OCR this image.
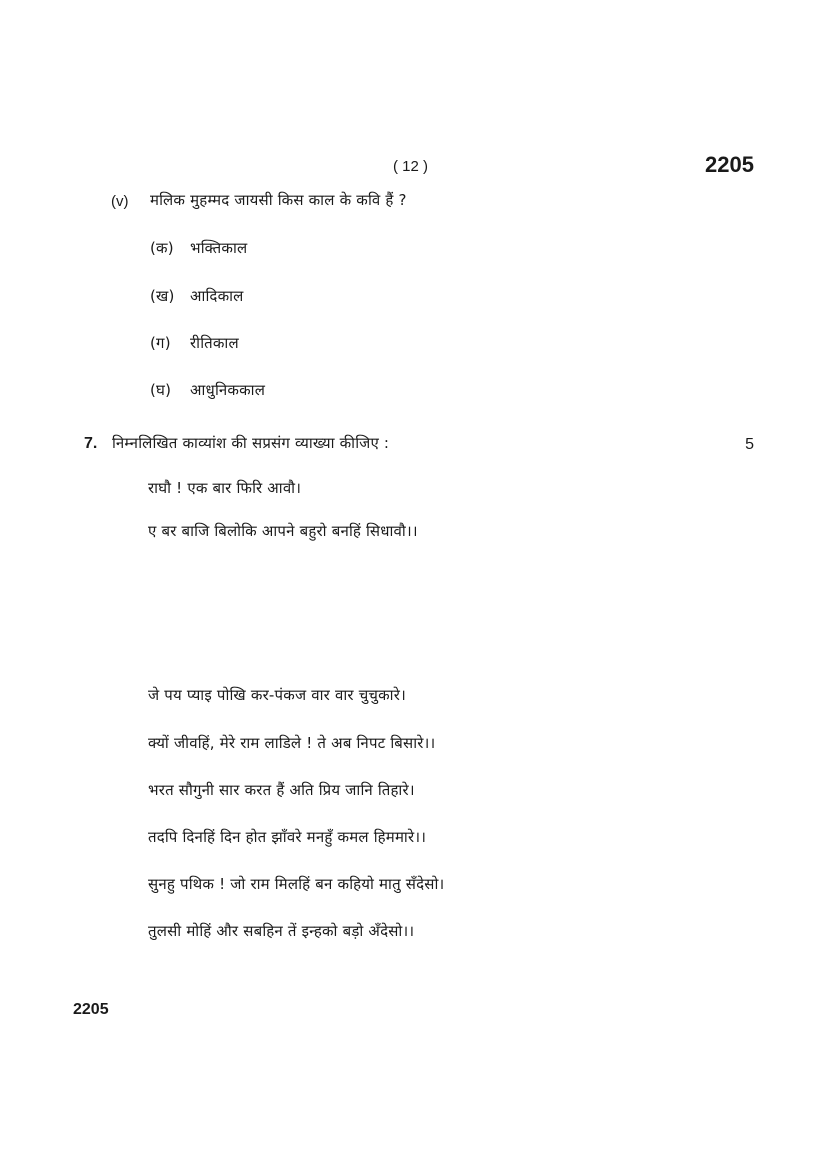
( 12 )	2205
(v) मलिक मुहम्मद जायसी किस काल के कवि हैं ?
(क) भक्तिकाल
(ख) आदिकाल
(ग) रीतिकाल
(घ) आधुनिककाल
7. निम्नलिखित काव्यांश की सप्रसंग व्याख्या कीजिए :	5
राघौ ! एक बार फिरि आवौ।
ए बर बाजि बिलोकि आपने बहुरो बनहिं सिधावौ।।
जे पय प्याइ पोखि कर-पंकज वार वार चुचुकारे।
क्यों जीवहिं, मेरे राम लाडिले ! ते अब निपट बिसारे।।
भरत सौगुनी सार करत हैं अति प्रिय जानि तिहारे।
तदपि दिनहिं दिन होत झाँवरे मनहुँ कमल हिममारे।।
सुनहु पथिक ! जो राम मिलहिं बन कहियो मातु सँदेसो।
तुलसी मोहिं और सबहिन तें इन्हको बड़ो अँदेसो।।
2205
